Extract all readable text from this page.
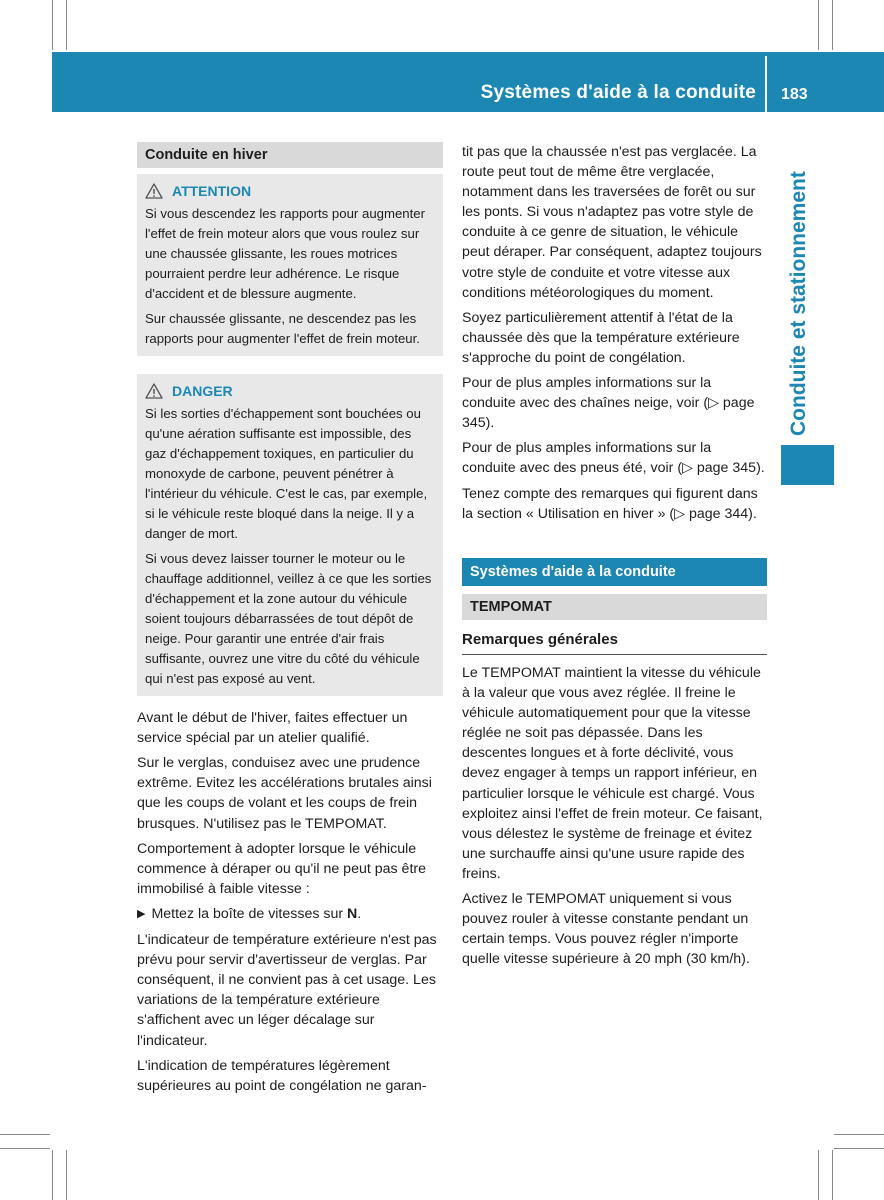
Systèmes d'aide à la conduite 183
Conduite et stationnement
Conduite en hiver
ATTENTION

Si vous descendez les rapports pour augmenter l'effet de frein moteur alors que vous roulez sur une chaussée glissante, les roues motrices pourraient perdre leur adhérence. Le risque d'accident et de blessure augmente.

Sur chaussée glissante, ne descendez pas les rapports pour augmenter l'effet de frein moteur.

DANGER

Si les sorties d'échappement sont bouchées ou qu'une aération suffisante est impossible, des gaz d'échappement toxiques, en particulier du monoxyde de carbone, peuvent pénétrer à l'intérieur du véhicule. C'est le cas, par exemple, si le véhicule reste bloqué dans la neige. Il y a danger de mort.

Si vous devez laisser tourner le moteur ou le chauffage additionnel, veillez à ce que les sorties d'échappement et la zone autour du véhicule soient toujours débarrassées de tout dépôt de neige. Pour garantir une entrée d'air frais suffisante, ouvrez une vitre du côté du véhicule qui n'est pas exposé au vent.

Avant le début de l'hiver, faites effectuer un service spécial par un atelier qualifié.

Sur le verglas, conduisez avec une prudence extrême. Evitez les accélérations brutales ainsi que les coups de volant et les coups de frein brusques. N'utilisez pas le TEMPOMAT.

Comportement à adopter lorsque le véhicule commence à déraper ou qu'il ne peut pas être immobilisé à faible vitesse :

▶ Mettez la boîte de vitesses sur N.

L'indicateur de température extérieure n'est pas prévu pour servir d'avertisseur de verglas. Par conséquent, il ne convient pas à cet usage. Les variations de la température extérieure s'affichent avec un léger décalage sur l'indicateur.

L'indication de températures légèrement supérieures au point de congélation ne garan-

tit pas que la chaussée n'est pas verglacée. La route peut tout de même être verglacée, notamment dans les traversées de forêt ou sur les ponts. Si vous n'adaptez pas votre style de conduite à ce genre de situation, le véhicule peut déraper. Par conséquent, adaptez toujours votre style de conduite et votre vitesse aux conditions météorologiques du moment.

Soyez particulièrement attentif à l'état de la chaussée dès que la température extérieure s'approche du point de congélation.

Pour de plus amples informations sur la conduite avec des chaînes neige, voir (▷ page 345).

Pour de plus amples informations sur la conduite avec des pneus été, voir (▷ page 345).

Tenez compte des remarques qui figurent dans la section « Utilisation en hiver » (▷ page 344).

Systèmes d'aide à la conduite
TEMPOMAT
Remarques générales

Le TEMPOMAT maintient la vitesse du véhicule à la valeur que vous avez réglée. Il freine le véhicule automatiquement pour que la vitesse réglée ne soit pas dépassée. Dans les descentes longues et à forte déclivité, vous devez engager à temps un rapport inférieur, en particulier lorsque le véhicule est chargé. Vous exploitez ainsi l'effet de frein moteur. Ce faisant, vous délestez le système de freinage et évitez une surchauffe ainsi qu'une usure rapide des freins.

Activez le TEMPOMAT uniquement si vous pouvez rouler à vitesse constante pendant un certain temps. Vous pouvez régler n'importe quelle vitesse supérieure à 20 mph (30 km/h).
